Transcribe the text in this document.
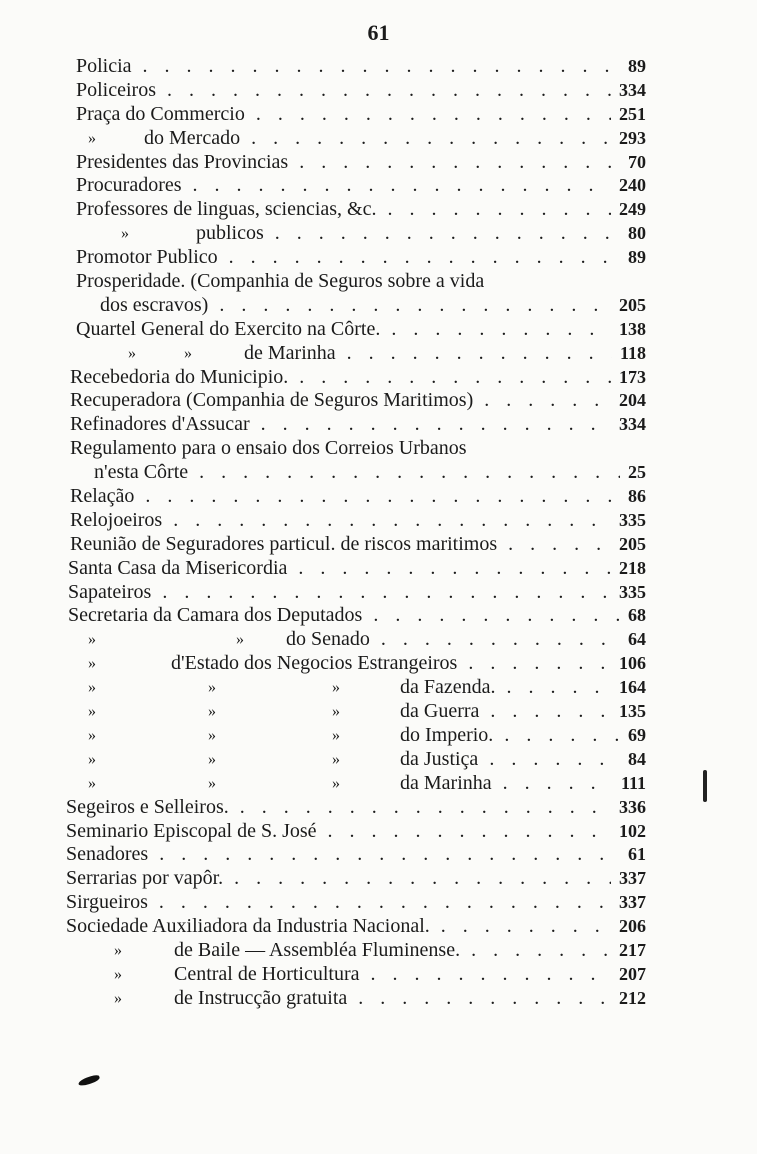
61
Policia . . .	89
Policeiros . . .	334
Praça do Commercio . . .	251
» do Mercado . . .	293
Presidentes das Provincias . . .	70
Procuradores . . .	240
Professores de linguas, sciencias, &c. . . .	249
»	publicos . . .	80
Promotor Publico . . .	89
Prosperidade. (Companhia de Seguros sobre a vida
dos escravos) . . .	205
Quartel General do Exercito na Côrte. . . .	138
»	»	de Marinha . . .	118
Recebedoria do Municipio. . . .	173
Recuperadora (Companhia de Seguros Maritimos) . . .	204
Refinadores d'Assucar . . .	334
Regulamento para o ensaio dos Correios Urbanos
n'esta Côrte . . .	25
Relação . . .	86
Relojoeiros . . .	335
Reunião de Seguradores particul. de riscos maritimos . . .	205
Santa Casa da Misericordia . . .	218
Sapateiros . . .	335
Secretaria da Camara dos Deputados . . .	68
»	» do Senado . . .	64
»	d'Estado dos Negocios Estrangeiros . . .	106
»	»	»	da Fazenda. . . .	164
»	»	»	da Guerra . . .	135
»	»	»	do Imperio. . . .	69
»	»	»	da Justiça . . .	84
»	»	»	da Marinha . . .	111
Segeiros e Selleiros. . . .	336
Seminario Episcopal de S. José . . .	102
Senadores . . .	61
Serrarias por vapôr. . . .	337
Sirgueiros . . .	337
Sociedade Auxiliadora da Industria Nacional. . . .	206
»	de Baile — Assembléa Fluminense. . . .	217
»	Central de Horticultura . . .	207
»	de Instrucção gratuita . . .	212
